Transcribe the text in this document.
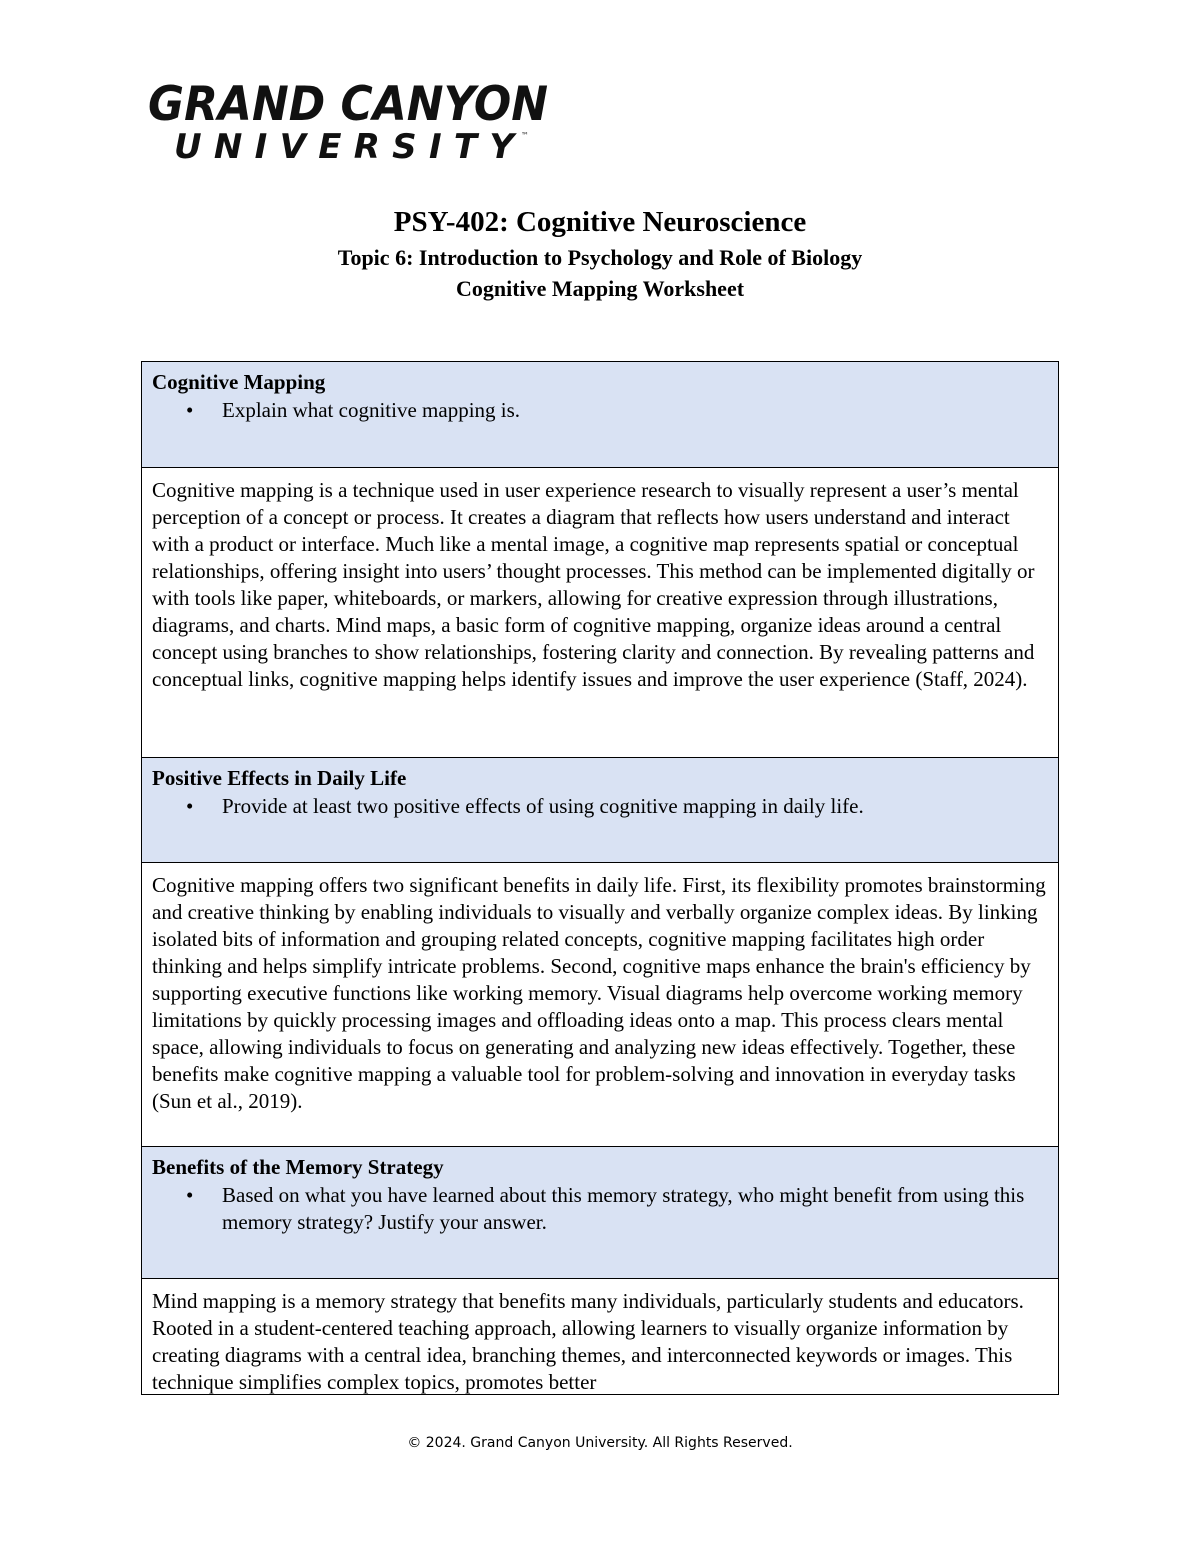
GRAND CANYON
UNIVERSITY ™
PSY-402: Cognitive Neuroscience
Topic 6: Introduction to Psychology and Role of Biology
Cognitive Mapping Worksheet
Cognitive Mapping
•	Explain what cognitive mapping is.
Cognitive mapping is a technique used in user experience research to visually represent a user’s mental perception of a concept or process. It creates a diagram that reflects how users understand and interact with a product or interface. Much like a mental image, a cognitive map represents spatial or conceptual relationships, offering insight into users’ thought processes. This method can be implemented digitally or with tools like paper, whiteboards, or markers, allowing for creative expression through illustrations, diagrams, and charts. Mind maps, a basic form of cognitive mapping, organize ideas around a central concept using branches to show relationships, fostering clarity and connection. By revealing patterns and conceptual links, cognitive mapping helps identify issues and improve the user experience (Staff, 2024).
Positive Effects in Daily Life
•	Provide at least two positive effects of using cognitive mapping in daily life.
Cognitive mapping offers two significant benefits in daily life. First, its flexibility promotes brainstorming and creative thinking by enabling individuals to visually and verbally organize complex ideas. By linking isolated bits of information and grouping related concepts, cognitive mapping facilitates high order thinking and helps simplify intricate problems. Second, cognitive maps enhance the brain's efficiency by supporting executive functions like working memory. Visual diagrams help overcome working memory limitations by quickly processing images and offloading ideas onto a map. This process clears mental space, allowing individuals to focus on generating and analyzing new ideas effectively. Together, these benefits make cognitive mapping a valuable tool for problem-solving and innovation in everyday tasks (Sun et al., 2019).
Benefits of the Memory Strategy
•	Based on what you have learned about this memory strategy, who might benefit from using this memory strategy? Justify your answer.
Mind mapping is a memory strategy that benefits many individuals, particularly students and educators. Rooted in a student-centered teaching approach, allowing learners to visually organize information by creating diagrams with a central idea, branching themes, and interconnected keywords or images. This technique simplifies complex topics, promotes better
© 2024. Grand Canyon University. All Rights Reserved.
